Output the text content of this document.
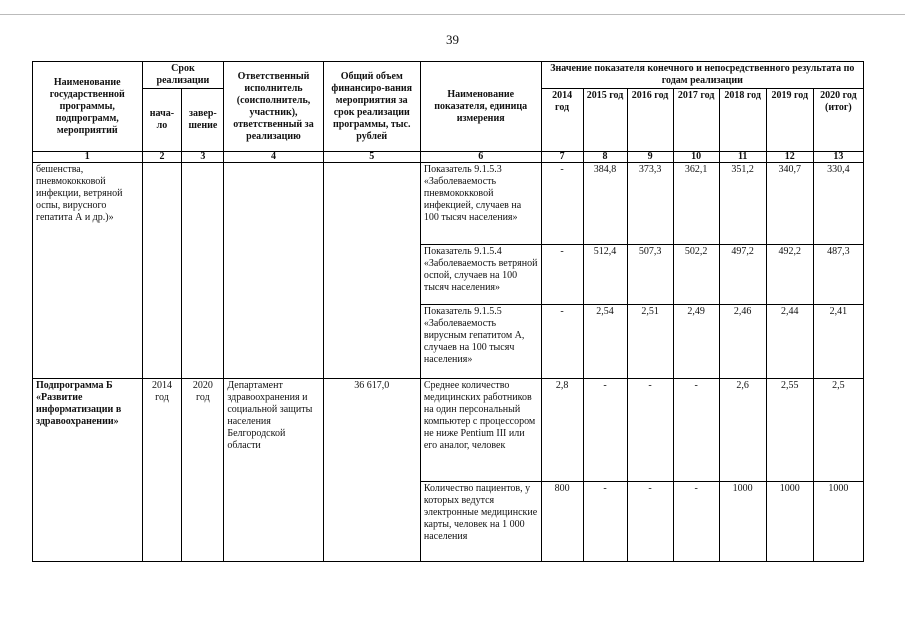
39
Наименование государственной программы, подпрограмм, мероприятий	Срок реализации		Ответственный исполнитель (соисполнитель, участник), ответственный за реализацию	Общий объем финансиро-вания мероприятия за срок реализации программы, тыс. рублей	Наименование показателя, единица измерения	Значение показателя конечного и непосредственного результата по годам реализации						
	нача-ло	завер-шение				2014 год	2015 год	2016 год	2017 год	2018 год	2019 год	2020 год (итог)
1	2	3	4	5	6	7	8	9	10	11	12	13
бешенства, пневмококковой инфекции, ветряной оспы, вирусного гепатита А и др.)»					Показатель 9.1.5.3 «Заболеваемость пневмококковой инфекцией, случаев на 100 тысяч населения»	-	384,8	373,3	362,1	351,2	340,7	330,4
					Показатель 9.1.5.4 «Заболеваемость ветряной оспой, случаев на 100 тысяч населения»	-	512,4	507,3	502,2	497,2	492,2	487,3
					Показатель 9.1.5.5 «Заболеваемость вирусным гепатитом А, случаев на 100 тысяч населения»	-	2,54	2,51	2,49	2,46	2,44	2,41
Подпрограмма Б «Развитие информатизации в здравоохранении»	2014 год	2020 год	Департамент здравоохранения и социальной защиты населения Белгородской области	36 617,0	Среднее количество медицинских работников на один персональный компьютер с процессором не ниже Pentium III или его аналог, человек	2,8	-	-	-	2,6	2,55	2,5
					Количество пациентов, у которых ведутся электронные медицинские карты, человек на 1 000 населения	800	-	-	-	1000	1000	1000
